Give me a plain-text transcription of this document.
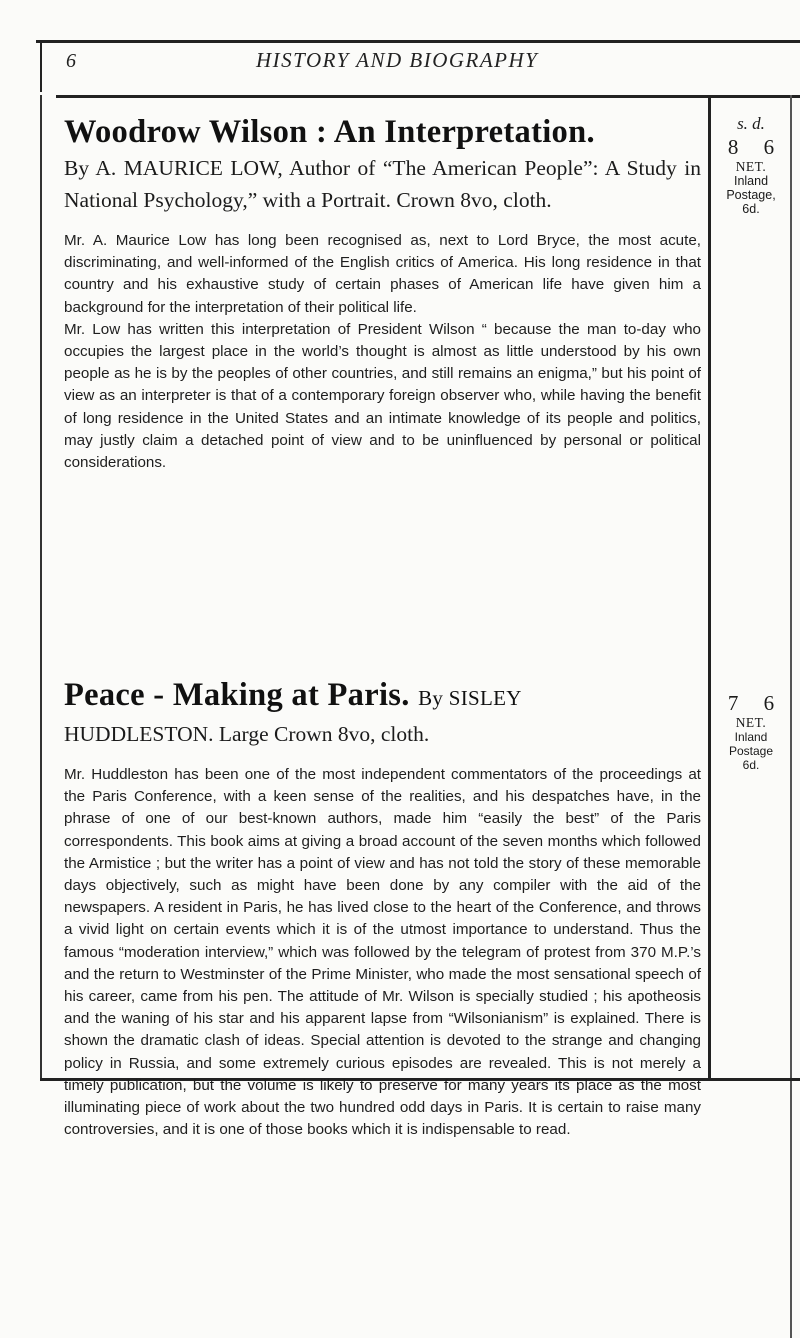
6	HISTORY AND BIOGRAPHY
Woodrow Wilson : An Interpretation.

By A. MAURICE LOW, Author of “The American People”: A Study in National Psychology,” with a Portrait. Crown 8vo, cloth.

Mr. A. Maurice Low has long been recognised as, next to Lord Bryce, the most acute, discriminating, and well-informed of the English critics of America. His long residence in that country and his exhaustive study of certain phases of American life have given him a background for the interpretation of their political life.

Mr. Low has written this interpretation of President Wilson “ because the man to-day who occupies the largest place in the world’s thought is almost as little understood by his own people as he is by the peoples of other countries, and still remains an enigma,” but his point of view as an interpreter is that of a contemporary foreign observer who, while having the benefit of long residence in the United States and an intimate knowledge of its people and politics, may justly claim a detached point of view and to be uninfluenced by personal or political considerations.

s. d.
8 6
NET.
Inland
Postage,
6d.
Peace - Making at Paris. By SISLEY

HUDDLESTON. Large Crown 8vo, cloth.

Mr. Huddleston has been one of the most independent commentators of the proceedings at the Paris Conference, with a keen sense of the realities, and his despatches have, in the phrase of one of our best-known authors, made him “easily the best” of the Paris correspondents. This book aims at giving a broad account of the seven months which followed the Armistice ; but the writer has a point of view and has not told the story of these memorable days objectively, such as might have been done by any compiler with the aid of the newspapers. A resident in Paris, he has lived close to the heart of the Conference, and throws a vivid light on certain events which it is of the utmost importance to understand. Thus the famous “moderation interview,” which was followed by the telegram of protest from 370 M.P.’s and the return to Westminster of the Prime Minister, who made the most sensational speech of his career, came from his pen. The attitude of Mr. Wilson is specially studied ; his apotheosis and the waning of his star and his apparent lapse from “Wilsonianism” is explained. There is shown the dramatic clash of ideas. Special attention is devoted to the strange and changing policy in Russia, and some extremely curious episodes are revealed. This is not merely a timely publication, but the volume is likely to preserve for many years its place as the most illuminating piece of work about the two hundred odd days in Paris. It is certain to raise many controversies, and it is one of those books which it is indispensable to read.

7 6
NET.
Inland
Postage
6d.
